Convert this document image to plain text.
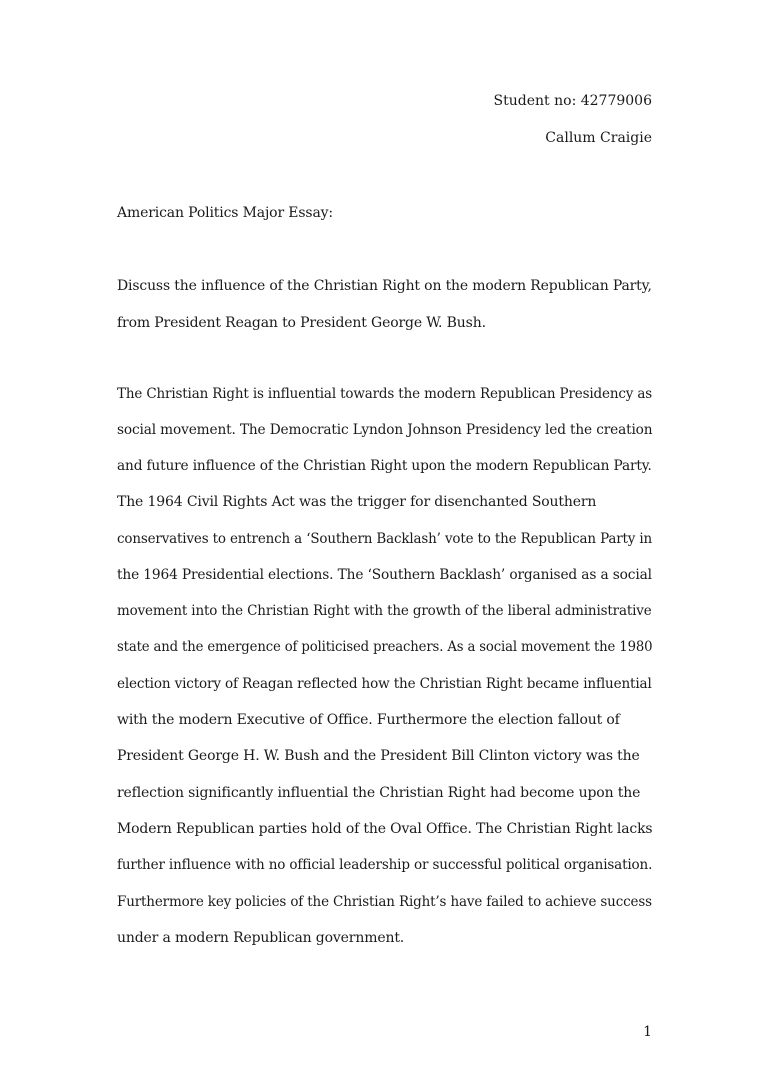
Student no: 42779006
Callum Craigie
American Politics Major Essay:
Discuss the influence of the Christian Right on the modern Republican Party,
from President Reagan to President George W. Bush.
The Christian Right is influential towards the modern Republican Presidency as
social movement. The Democratic Lyndon Johnson Presidency led the creation
and future influence of the Christian Right upon the modern Republican Party.
The 1964 Civil Rights Act was the trigger for disenchanted Southern
conservatives to entrench a ‘Southern Backlash’ vote to the Republican Party in
the 1964 Presidential elections. The ‘Southern Backlash’ organised as a social
movement into the Christian Right with the growth of the liberal administrative
state and the emergence of politicised preachers. As a social movement the 1980
election victory of Reagan reflected how the Christian Right became influential
with the modern Executive of Office. Furthermore the election fallout of
President George H. W. Bush and the President Bill Clinton victory was the
reflection significantly influential the Christian Right had become upon the
Modern Republican parties hold of the Oval Office. The Christian Right lacks
further influence with no official leadership or successful political organisation.
Furthermore key policies of the Christian Right’s have failed to achieve success
under a modern Republican government.
1
